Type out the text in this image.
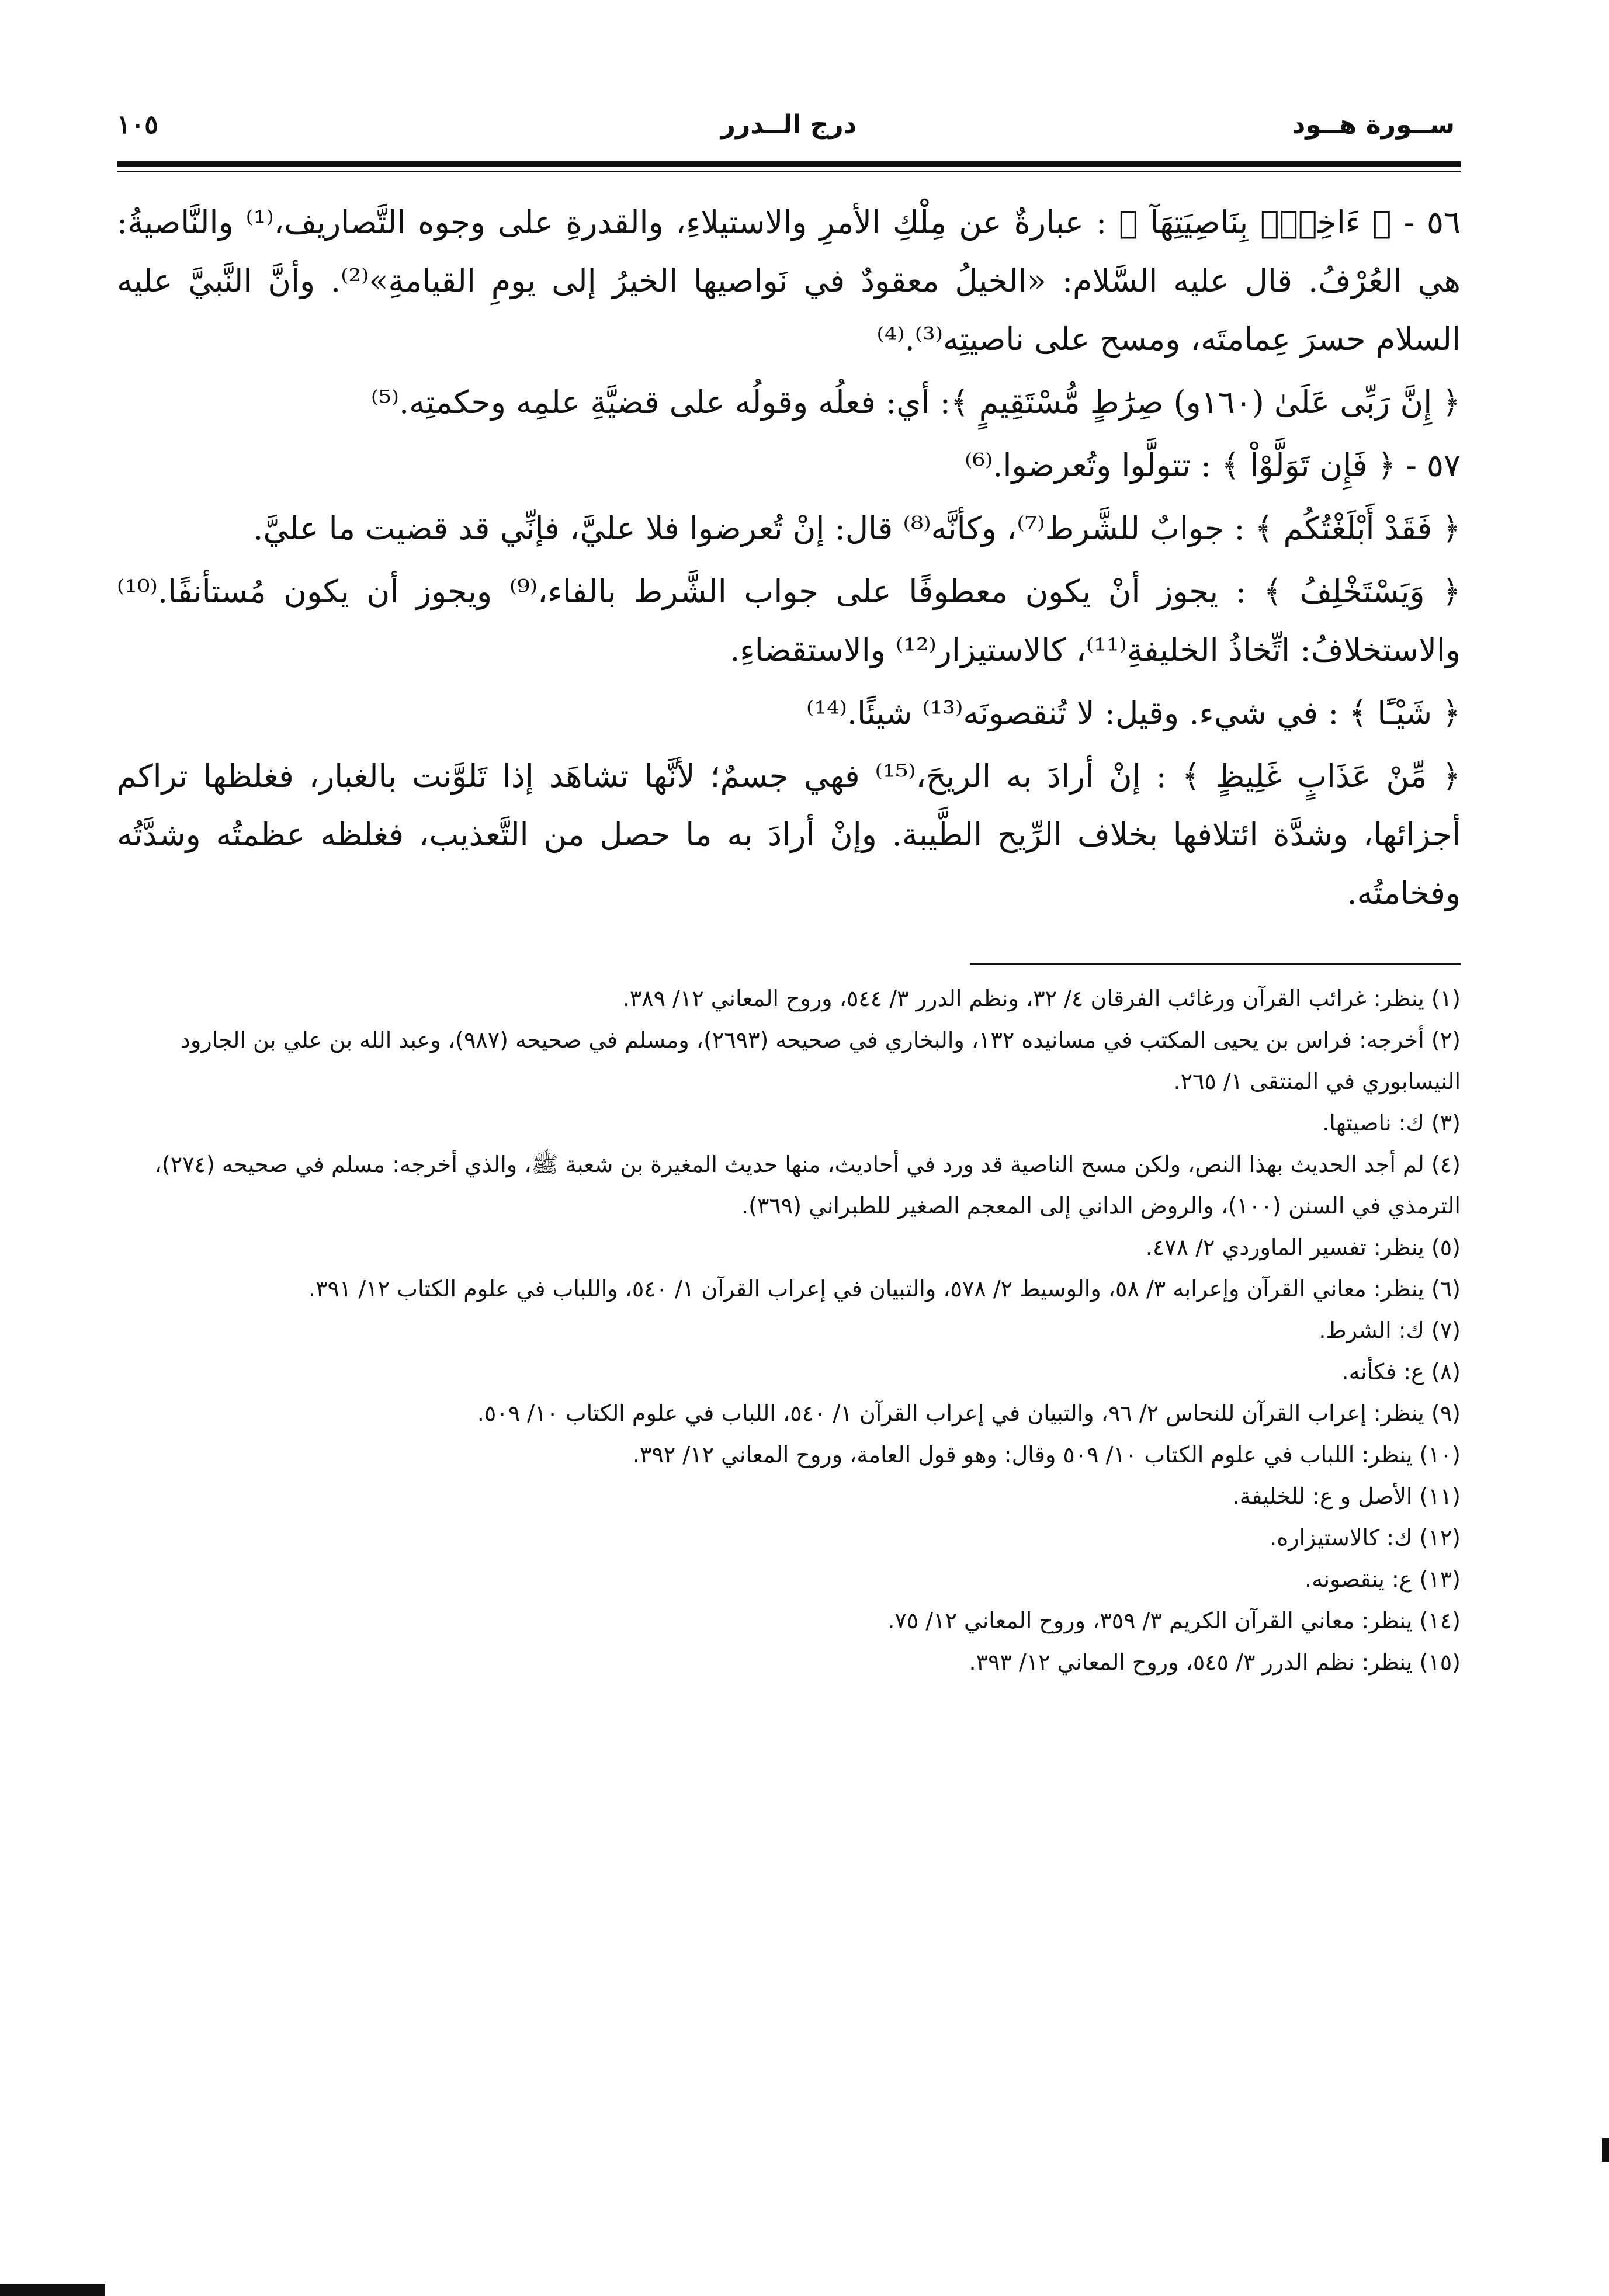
ســورة هــود
درج الــدرر
١٠٥

٥٦ - ﴿ ءَاخِذٌۢ بِنَاصِيَتِهَآ ﴾ : عبارةٌ عن مِلْكِ الأمرِ والاستيلاءِ، والقدرةِ على وجوه التَّصاريف،⁽¹⁾ والنَّاصيةُ: هي العُرْفُ. قال عليه السَّلام: «الخيلُ معقودٌ في نَواصيها الخيرُ إلى يومِ القيامةِ»⁽²⁾. وأنَّ النَّبيَّ عليه السلام حسرَ عِمامتَه، ومسح على ناصيتِه⁽³⁾.⁽⁴⁾

﴿ إِنَّ رَبِّى عَلَىٰ (١٦٠و) صِرَٰطٍ مُّسْتَقِيمٍ ﴾: أي: فعلُه وقولُه على قضيَّةِ علمِه وحكمتِه.⁽⁵⁾

٥٧ - ﴿ فَإِن تَوَلَّوْاْ ﴾ : تتولَّوا وتُعرضوا.⁽⁶⁾

﴿ فَقَدْ أَبْلَغْتُكُم ﴾ : جوابٌ للشَّرط⁽⁷⁾، وكأنَّه⁽⁸⁾ قال: إنْ تُعرضوا فلا عليَّ، فإنِّي قد قضيت ما عليَّ.

﴿ وَيَسْتَخْلِفُ ﴾ : يجوز أنْ يكون معطوفًا على جواب الشَّرط بالفاء،⁽⁹⁾ ويجوز أن يكون مُستأنفًا.⁽¹⁰⁾ والاستخلافُ: اتِّخاذُ الخليفةِ⁽¹¹⁾، كالاستيزار⁽¹²⁾ والاستقضاءِ.

﴿ شَيْـًٔا ﴾ : في شيء. وقيل: لا تُنقصونَه⁽¹³⁾ شيئًا.⁽¹⁴⁾

﴿ مِّنْ عَذَابٍ غَلِيظٍ ﴾ : إنْ أرادَ به الريحَ،⁽¹⁵⁾ فهي جسمٌ؛ لأنَّها تشاهَد إذا تَلوَّنت بالغبار، فغلظها تراكم أجزائها، وشدَّة ائتلافها بخلاف الرِّيح الطَّيبة. وإنْ أرادَ به ما حصل من التَّعذيب، فغلظه عظمتُه وشدَّتُه وفخامتُه.

(١) ينظر: غرائب القرآن ورغائب الفرقان ٤/ ٣٢، ونظم الدرر ٣/ ٥٤٤، وروح المعاني ١٢/ ٣٨٩.

(٢) أخرجه: فراس بن يحيى المكتب في مسانيده ١٣٢، والبخاري في صحيحه (٢٦٩٣)، ومسلم في صحيحه (٩٨٧)، وعبد الله بن علي بن الجارود النيسابوري في المنتقى ١/ ٢٦٥.

(٣) ك: ناصيتها.

(٤) لم أجد الحديث بهذا النص، ولكن مسح الناصية قد ورد في أحاديث، منها حديث المغيرة بن شعبة ﷺ، والذي أخرجه: مسلم في صحيحه (٢٧٤)، الترمذي في السنن (١٠٠)، والروض الداني إلى المعجم الصغير للطبراني (٣٦٩).

(٥) ينظر: تفسير الماوردي ٢/ ٤٧٨.

(٦) ينظر: معاني القرآن وإعرابه ٣/ ٥٨، والوسيط ٢/ ٥٧٨، والتبيان في إعراب القرآن ١/ ٥٤٠، واللباب في علوم الكتاب ١٢/ ٣٩١.

(٧) ك: الشرط.

(٨) ع: فكأنه.

(٩) ينظر: إعراب القرآن للنحاس ٢/ ٩٦، والتبيان في إعراب القرآن ١/ ٥٤٠، اللباب في علوم الكتاب ١٠/ ٥٠٩.

(١٠) ينظر: اللباب في علوم الكتاب ١٠/ ٥٠٩ وقال: وهو قول العامة، وروح المعاني ١٢/ ٣٩٢.

(١١) الأصل و ع: للخليفة.

(١٢) ك: كالاستيزاره.

(١٣) ع: ينقصونه.

(١٤) ينظر: معاني القرآن الكريم ٣/ ٣٥٩، وروح المعاني ١٢/ ٧٥.

(١٥) ينظر: نظم الدرر ٣/ ٥٤٥، وروح المعاني ١٢/ ٣٩٣.
